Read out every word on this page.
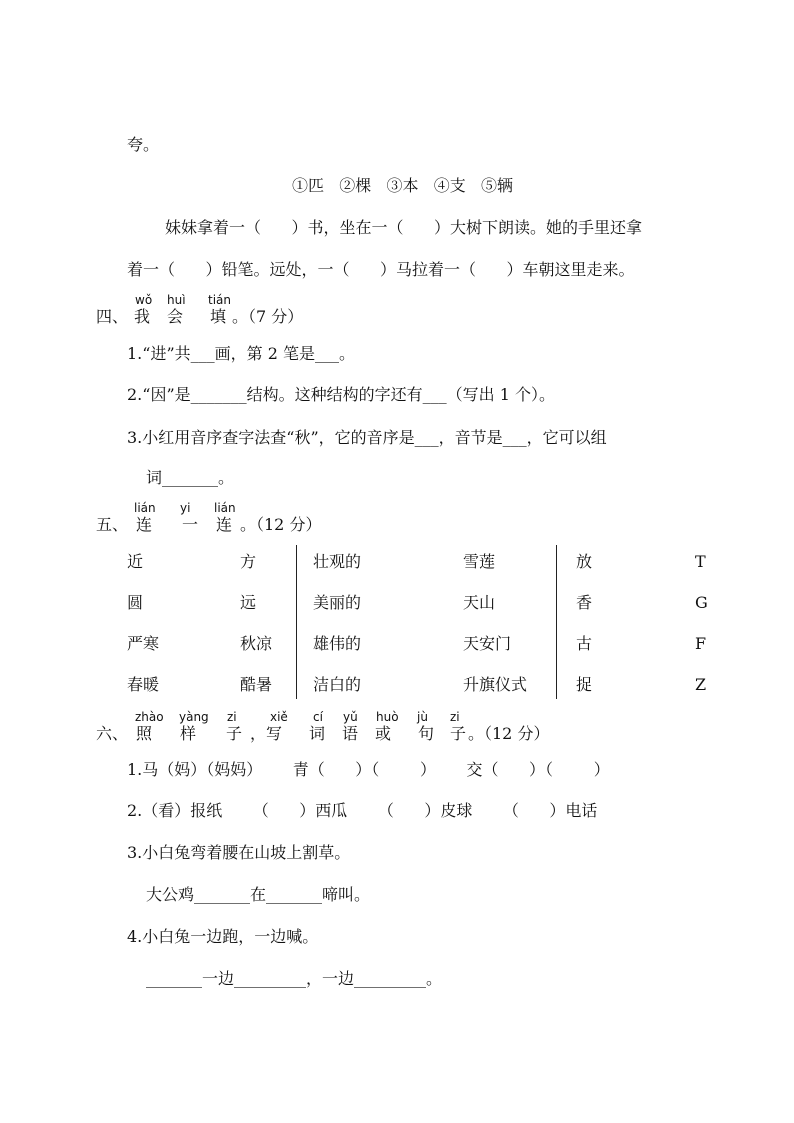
夸。
①匹   ②棵   ③本   ④支   ⑤辆
妹妹拿着一（      ）书，坐在一（      ）大树下朗读。她的手里还拿
着一（      ）铅笔。远处，一（      ）马拉着一（      ）车朝这里走来。
四、
wǒ huì tián
我 会 填 。（7 分）
1.“进”共___画，第 2 笔是___。
2.“因”是_______结构。这种结构的字还有___（写出 1 个）。
3.小红用音序查字法查“秋”，它的音序是___，音节是___，它可以组
词_______。
五、
lián yi lián
连 一 连 。（12 分）
近	方	壮观的	雪莲	放	T
圆	远	美丽的	天山	香	G
严寒	秋凉	雄伟的	天安门	古	F
春暖	酷暑	洁白的	升旗仪式	捉	Z
六、
zhào yàng zi	xiě cí yǔ huò jù zi
照 样 子 ，写 词 语 或 句 子 。（12 分）
1.马（妈）（妈妈）      青（      ）（        ）      交（      ）（        ）
2.（看）报纸      （      ）西瓜      （      ）皮球      （      ）电话
3.小白兔弯着腰在山坡上割草。
大公鸡_______在_______啼叫。
4.小白兔一边跑，一边喊。
_______一边_________，一边_________。
